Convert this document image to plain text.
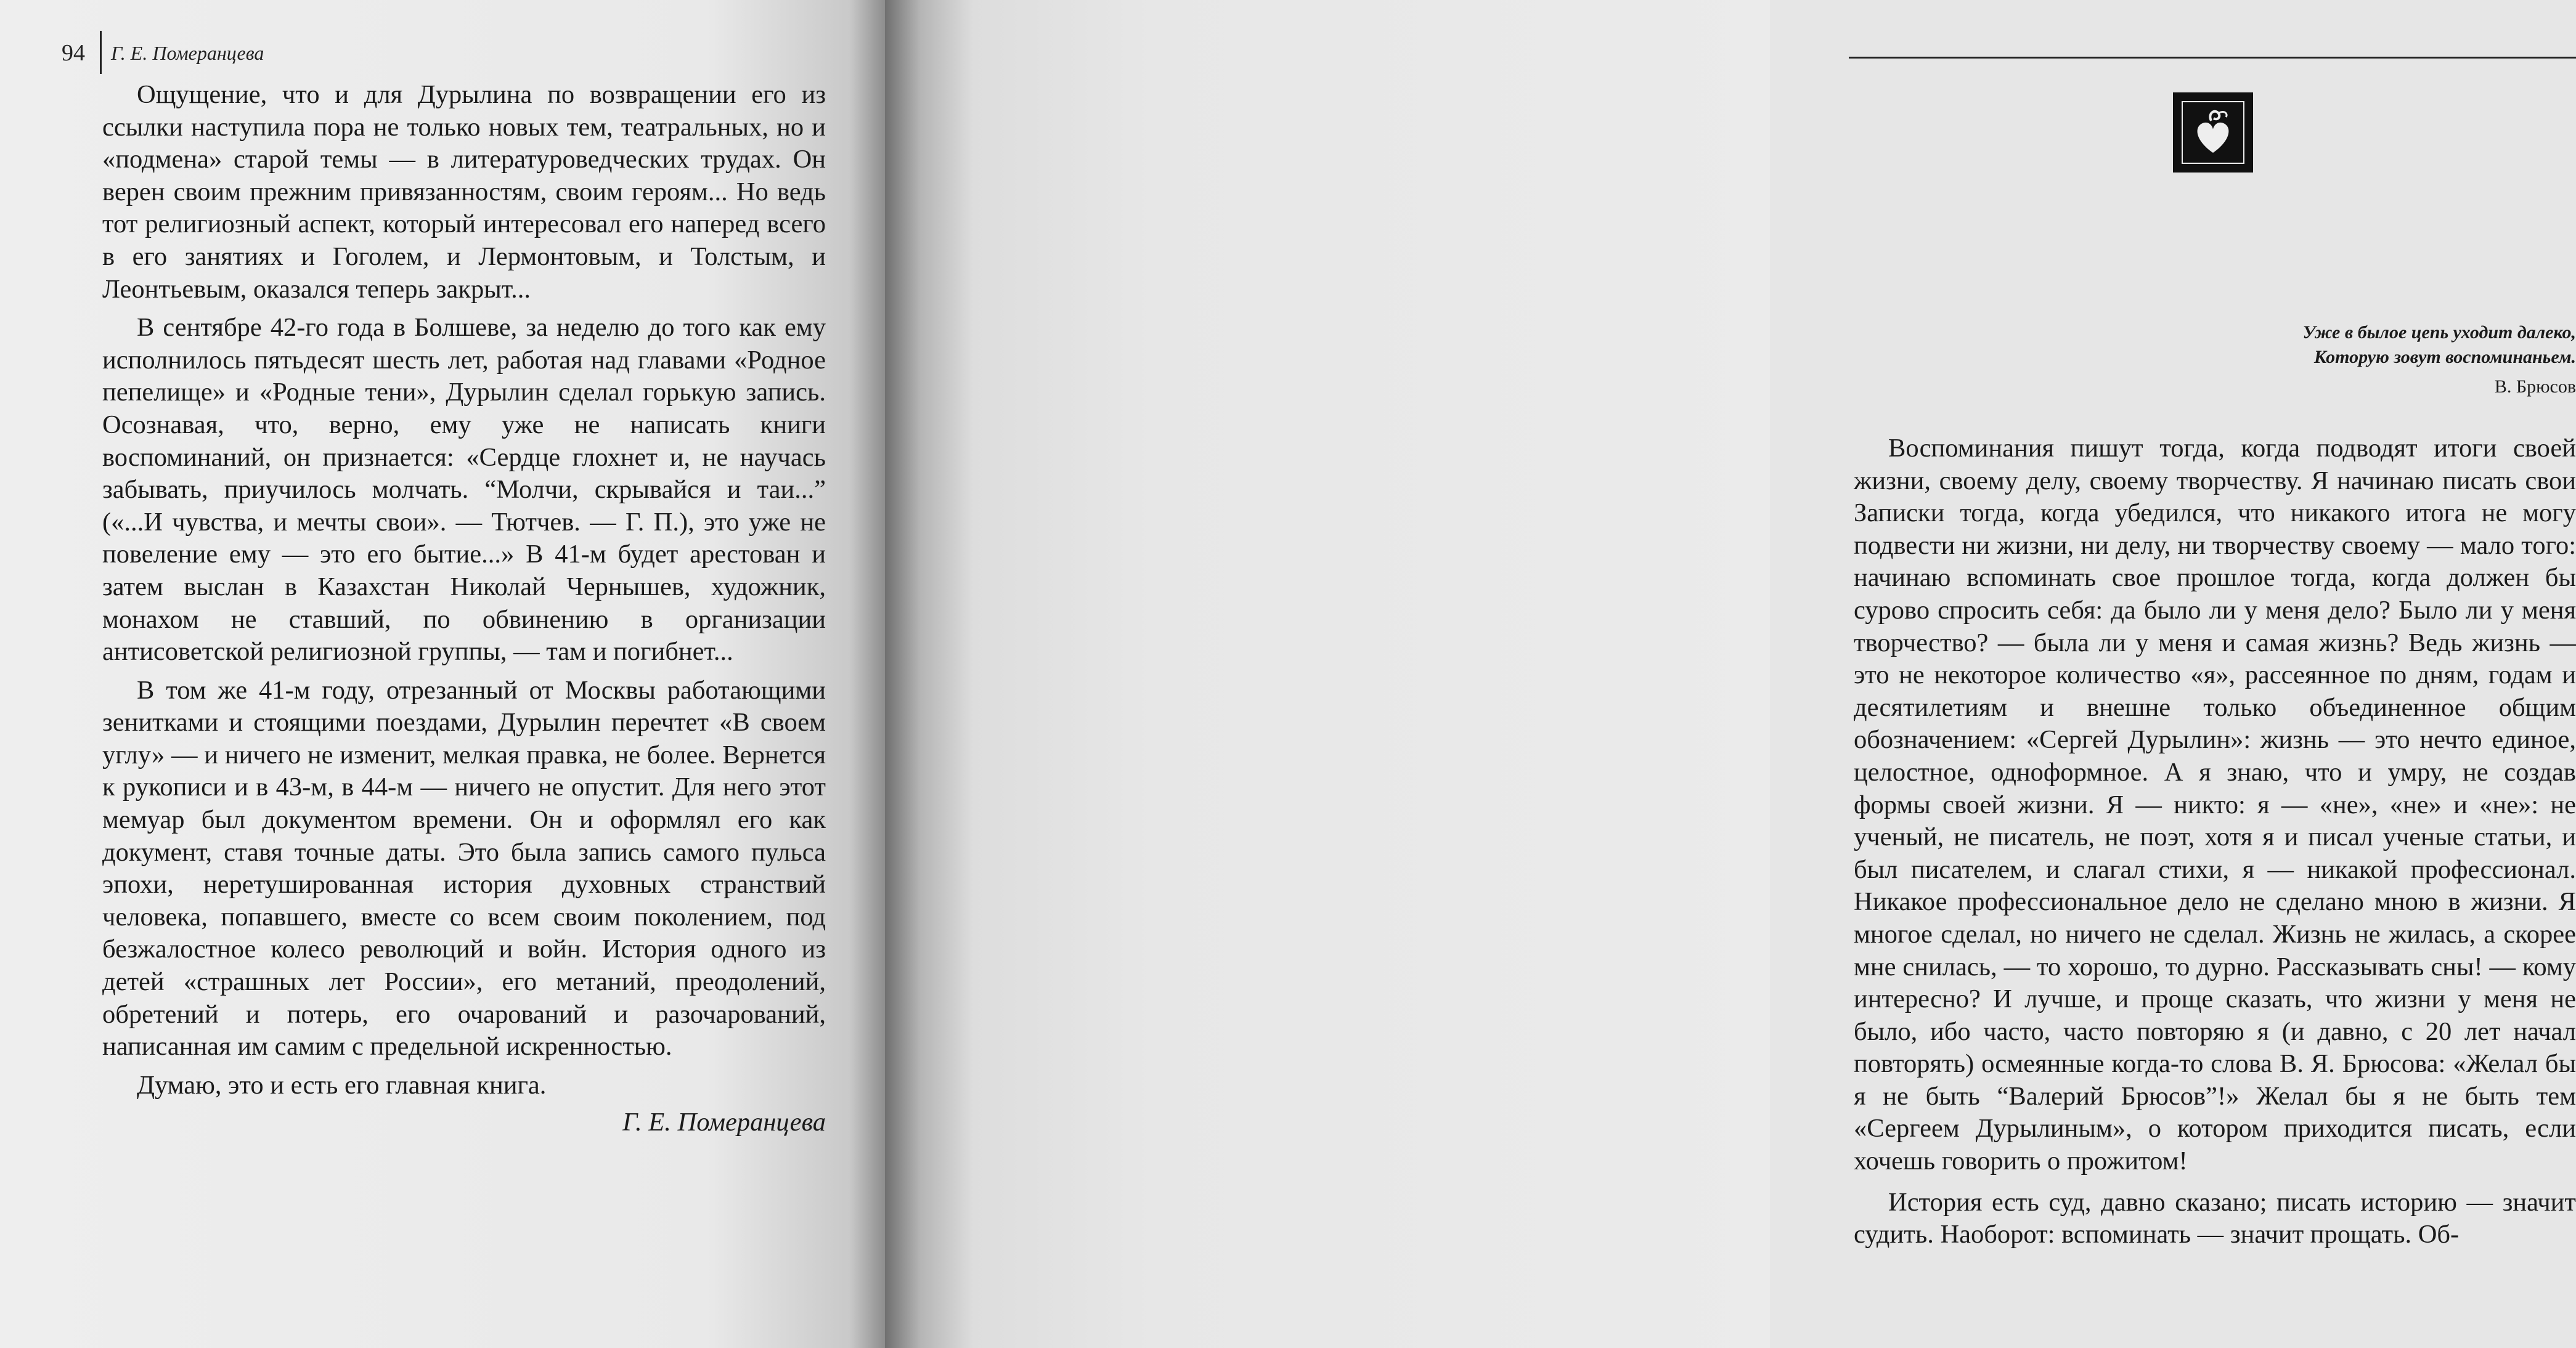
94 Г. Е. Померанцева

Ощущение, что и для Дурылина по возвращении его из ссылки наступила пора не только новых тем, театральных, но и «подмена» старой темы — в литературоведческих трудах. Он верен своим прежним привязанностям, своим героям... Но ведь тот религиозный аспект, который интересовал его наперед всего в его занятиях и Гоголем, и Лермонтовым, и Толстым, и Леонтьевым, оказался теперь закрыт...

В сентябре 42-го года в Болшеве, за неделю до того как ему исполнилось пятьдесят шесть лет, работая над главами «Родное пепелище» и «Родные тени», Дурылин сделал горькую запись. Осознавая, что, верно, ему уже не написать книги воспоминаний, он признается: «Сердце глохнет и, не научась забывать, приучилось молчать. “Молчи, скрывайся и таи...” («...И чувства, и мечты свои». — Тютчев. — Г. П.), это уже не повеление ему — это его бытие...» В 41-м будет арестован и затем выслан в Казахстан Николай Чернышев, художник, монахом не ставший, по обвинению в организации антисоветской религиозной группы, — там и погибнет...

В том же 41-м году, отрезанный от Москвы работающими зенитками и стоящими поездами, Дурылин перечтет «В своем углу» — и ничего не изменит, мелкая правка, не более. Вернется к рукописи и в 43-м, в 44-м — ничего не опустит. Для него этот мемуар был документом времени. Он и оформлял его как документ, ставя точные даты. Это была запись самого пульса эпохи, неретушированная история духовных странствий человека, попавшего, вместе со всем своим поколением, под безжалостное колесо революций и войн. История одного из детей «страшных лет России», его метаний, преодолений, обретений и потерь, его очарований и разочарований, написанная им самим с предельной искренностью.

Думаю, это и есть его главная книга.

Г. Е. Померанцева

Уже в былое цепь уходит далеко,
Которую зовут воспоминаньем.
В. Брюсов

Воспоминания пишут тогда, когда подводят итоги своей жизни, своему делу, своему творчеству. Я начинаю писать свои Записки тогда, когда убедился, что никакого итога не могу подвести ни жизни, ни делу, ни творчеству своему — мало того: начинаю вспоминать свое прошлое тогда, когда должен бы сурово спросить себя: да было ли у меня дело? Было ли у меня творчество? — была ли у меня и самая жизнь? Ведь жизнь — это не некоторое количество «я», рассеянное по дням, годам и десятилетиям и внешне только объединенное общим обозначением: «Сергей Дурылин»: жизнь — это нечто единое, целостное, одноформное. А я знаю, что и умру, не создав формы своей жизни. Я — никто: я — «не», «не» и «не»: не ученый, не писатель, не поэт, хотя я и писал ученые статьи, и был писателем, и слагал стихи, я — никакой профессионал. Никакое профессиональное дело не сделано мною в жизни. Я многое сделал, но ничего не сделал. Жизнь не жилась, а скорее мне снилась, — то хорошо, то дурно. Рассказывать сны! — кому интересно? И лучше, и проще сказать, что жизни у меня не было, ибо часто, часто повторяю я (и давно, с 20 лет начал повторять) осмеянные когда-то слова В. Я. Брюсова: «Желал бы я не быть “Валерий Брюсов”!» Желал бы я не быть тем «Сергеем Дурылиным», о котором приходится писать, если хочешь говорить о прожитом!

История есть суд, давно сказано; писать историю — значит судить. Наоборот: вспоминать — значит прощать. Об-
